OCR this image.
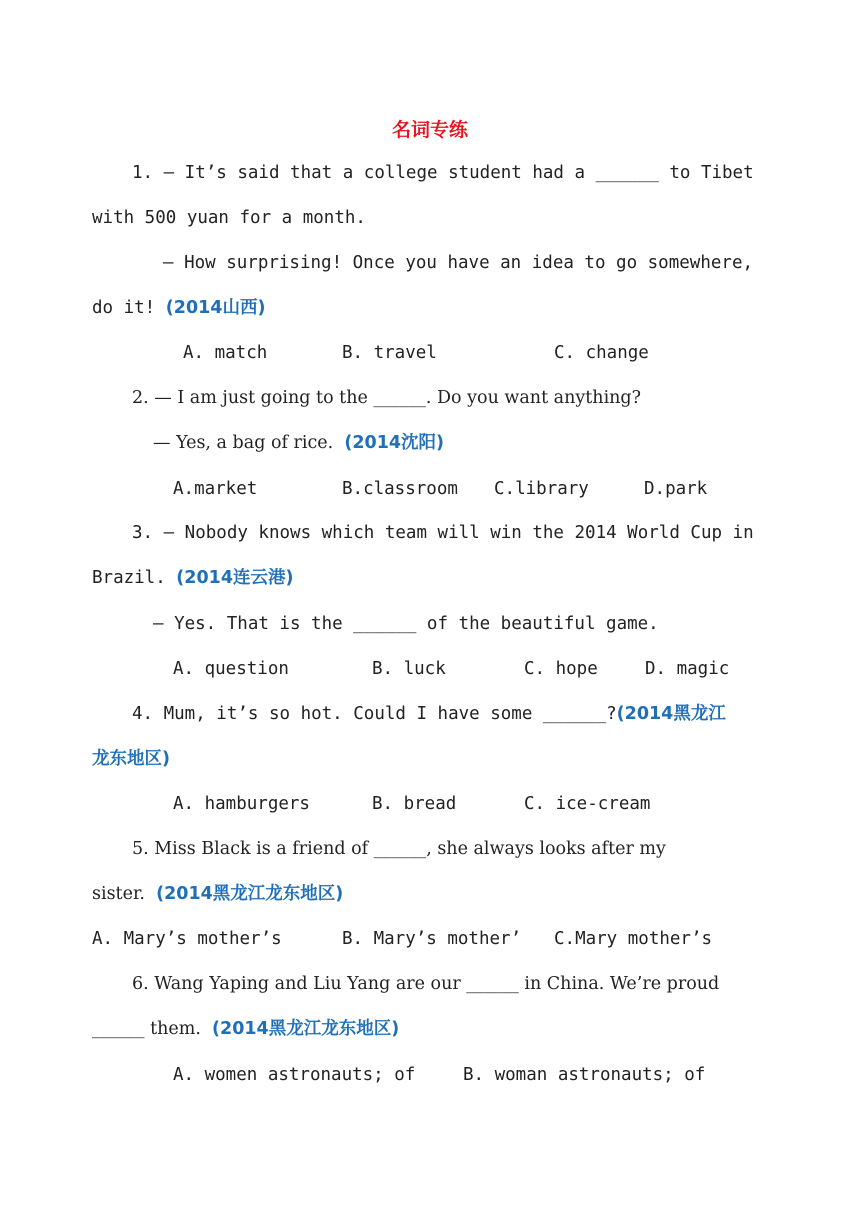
名词专练
1. — It’s said that a college student had a ______ to Tibet
with 500 yuan for a month.
— How surprising! Once you have an idea to go somewhere,
do it! (2014山西)
A. match	B. travel	C. change
2. — I am just going to the ______. Do you want anything?
— Yes, a bag of rice.  (2014沈阳)
A.market	B.classroom C.library	D.park
3. — Nobody knows which team will win the 2014 World Cup in
Brazil. (2014连云港)
— Yes. That is the ______ of the beautiful game.
A. question	B. luck	C. hope	D. magic
4. Mum, it’s so hot. Could I have some ______?(2014黑龙江
龙东地区)
A. hamburgers	B. bread	C. ice-cream
5. Miss Black is a friend of ______, she always looks after my
sister.  (2014黑龙江龙东地区)
A. Mary’s mother’s	B. Mary’s mother’ C.Mary mother’s
6. Wang Yaping and Liu Yang are our ______ in China. We’re proud
______ them.  (2014黑龙江龙东地区)
A. women astronauts; of	B. woman astronauts; of
